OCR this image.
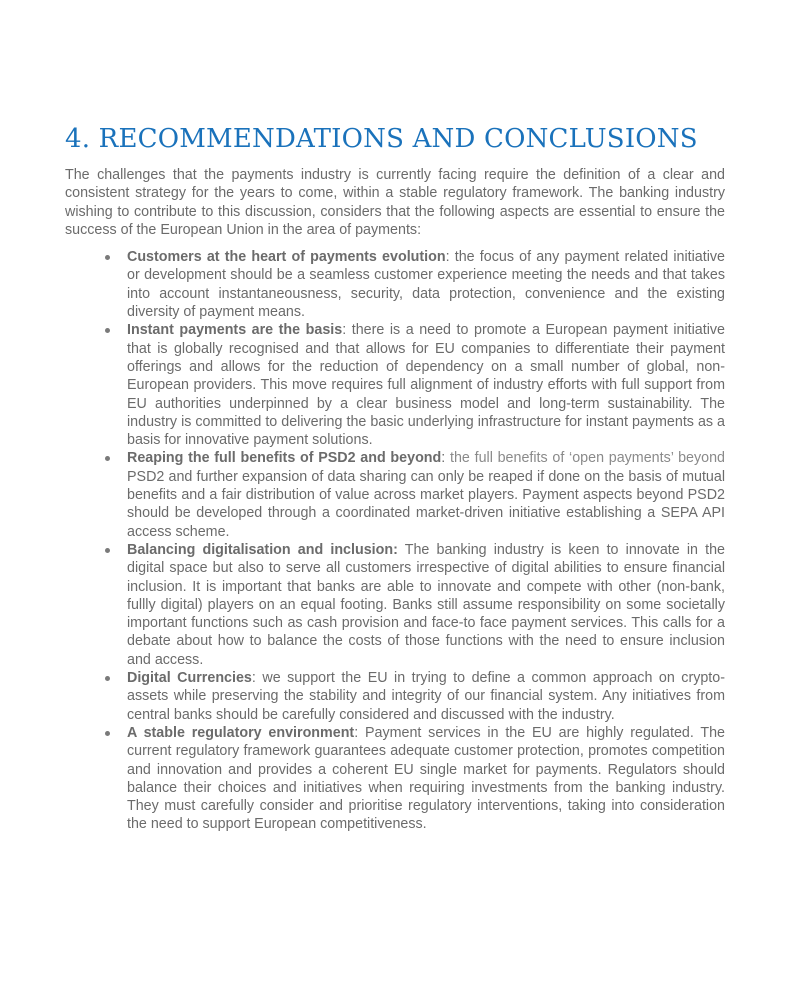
4. RECOMMENDATIONS AND CONCLUSIONS

The challenges that the payments industry is currently facing require the definition of a clear and consistent strategy for the years to come, within a stable regulatory framework. The banking industry wishing to contribute to this discussion, considers that the following aspects are essential to ensure the success of the European Union in the area of payments:

Customers at the heart of payments evolution: the focus of any payment related initiative or development should be a seamless customer experience meeting the needs and that takes into account instantaneousness, security, data protection, convenience and the existing diversity of payment means.
Instant payments are the basis: there is a need to promote a European payment initiative that is globally recognised and that allows for EU companies to differentiate their payment offerings and allows for the reduction of dependency on a small number of global, non-European providers. This move requires full alignment of industry efforts with full support from EU authorities underpinned by a clear business model and long-term sustainability. The industry is committed to delivering the basic underlying infrastructure for instant payments as a basis for innovative payment solutions.
Reaping the full benefits of PSD2 and beyond: the full benefits of ‘open payments’ beyond PSD2 and further expansion of data sharing can only be reaped if done on the basis of mutual benefits and a fair distribution of value across market players. Payment aspects beyond PSD2 should be developed through a coordinated market-driven initiative establishing a SEPA API access scheme.
Balancing digitalisation and inclusion: The banking industry is keen to innovate in the digital space but also to serve all customers irrespective of digital abilities to ensure financial inclusion. It is important that banks are able to innovate and compete with other (non-bank, fullly digital) players on an equal footing. Banks still assume responsibility on some societally important functions such as cash provision and face-to face payment services. This calls for a debate about how to balance the costs of those functions with the need to ensure inclusion and access.
Digital Currencies: we support the EU in trying to define a common approach on crypto-assets while preserving the stability and integrity of our financial system. Any initiatives from central banks should be carefully considered and discussed with the industry.
A stable regulatory environment: Payment services in the EU are highly regulated. The current regulatory framework guarantees adequate customer protection, promotes competition and innovation and provides a coherent EU single market for payments. Regulators should balance their choices and initiatives when requiring investments from the banking industry. They must carefully consider and prioritise regulatory interventions, taking into consideration the need to support European competitiveness.
